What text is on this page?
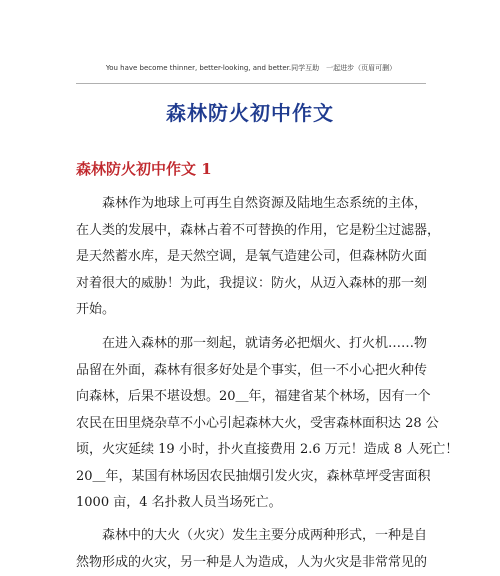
You have become thinner, better-looking, and better.同学互助　一起进步（页眉可删）
森林防火初中作文
森林防火初中作文 1
森林作为地球上可再生自然资源及陆地生态系统的主体，
在人类的发展中，森林占着不可替换的作用，它是粉尘过滤器，
是天然蓄水库，是天然空调，是氧气造建公司，但森林防火面
对着很大的威胁！为此，我提议：防火，从迈入森林的那一刻
开始。
在进入森林的那一刻起，就请务必把烟火、打火机……物
品留在外面，森林有很多好处是个事实，但一不小心把火种传
向森林，后果不堪设想。20＿年，福建省某个林场，因有一个
农民在田里烧杂草不小心引起森林大火，受害森林面积达 28 公
顷，火灾延续 19 小时，扑火直接费用 2.6 万元！造成 8 人死亡！
20＿年，某国有林场因农民抽烟引发火灾，森林草坪受害面积
1000 亩，4 名扑救人员当场死亡。
森林中的大火（火灾）发生主要分成两种形式，一种是自
然物形成的火灾，另一种是人为造成，人为火灾是非常常见的
